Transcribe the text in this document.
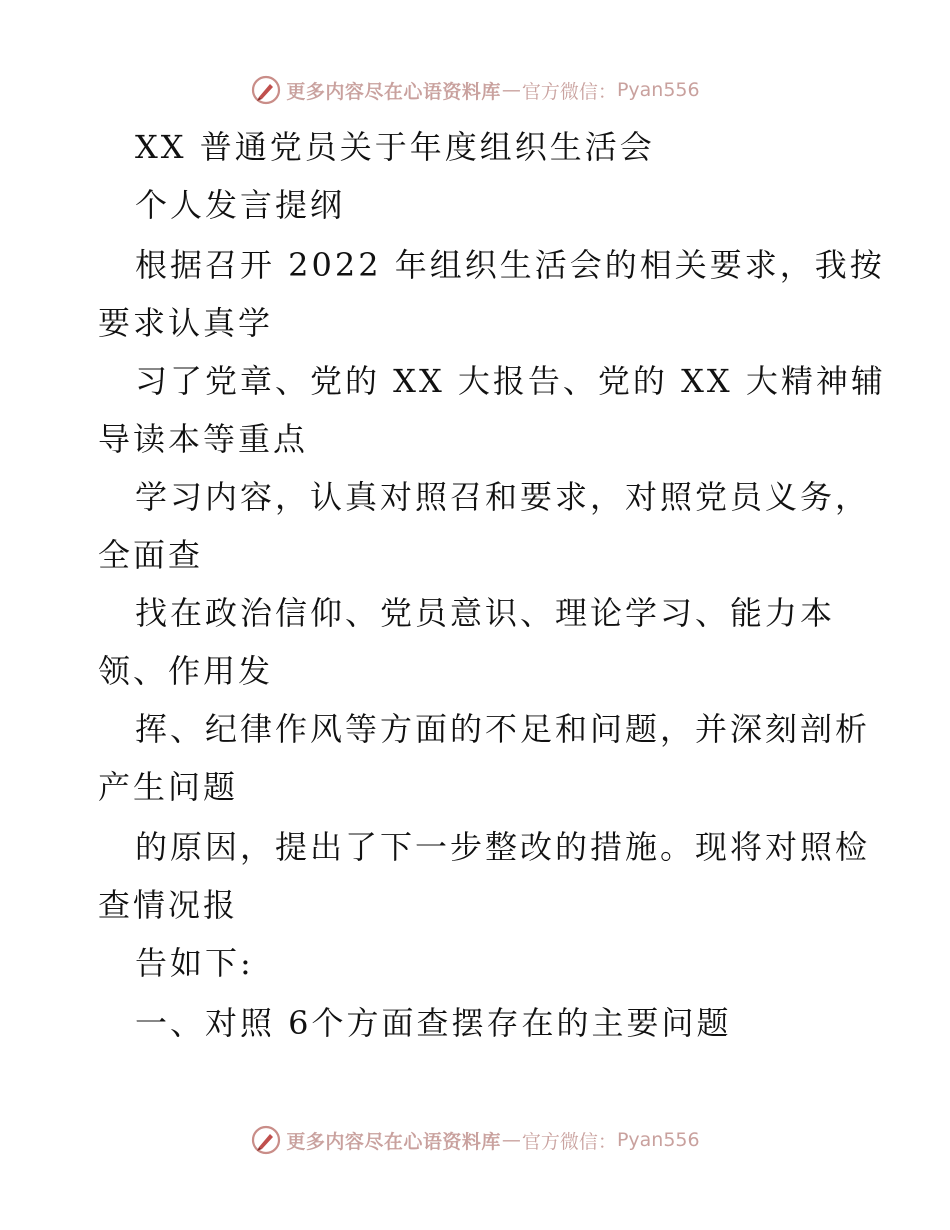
更多内容尽在心语资料库 — 官方微信： Pyan556
XX 普通党员关于年度组织生活会
个人发言提纲
根据召开 2022 年组织生活会的相关要求，我按
要求认真学
习了党章、党的 XX 大报告、党的 XX 大精神辅
导读本等重点
学习内容，认真对照召和要求，对照党员义务，
全面查
找在政治信仰、党员意识、理论学习、能力本
领、作用发
挥、纪律作风等方面的不足和问题，并深刻剖析
产生问题
的原因，提出了下一步整改的措施。现将对照检
查情况报
告如下:
一、对照 6个方面查摆存在的主要问题
更多内容尽在心语资料库 — 官方微信： Pyan556
